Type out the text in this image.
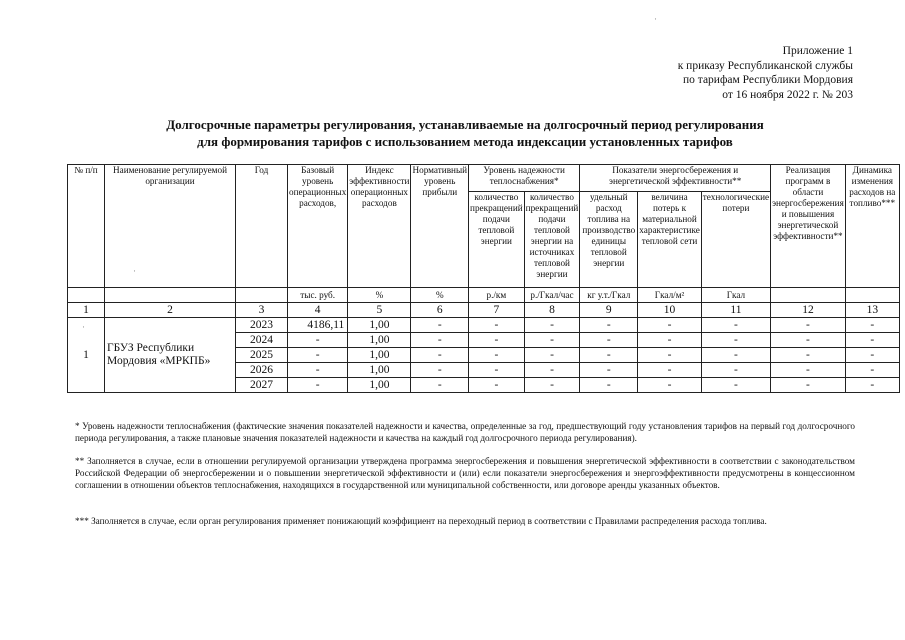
Приложение 1
к приказу Республиканской службы
по тарифам Республики Мордовия
от 16 ноября 2022 г. № 203
Долгосрочные параметры регулирования, устанавливаемые на долгосрочный период регулирования
для формирования тарифов с использованием метода индексации установленных тарифов
№ п/п	Наименование регулируемой организации	Год	Базовый уровень операционных расходов,	Индекс эффективности операционных расходов	Нормативный уровень прибыли	Уровень надежности теплоснабжения*		Показатели энергосбережения и энергетической эффективности**			Реализация программ в области энергосбережения и повышения энергетической эффективности**	Динамика изменения расходов на топливо***
						количество прекращений подачи тепловой энергии	количество прекращений подачи тепловой энергии на источниках тепловой энергии	удельный расход топлива на производство единицы тепловой энергии	величина потерь к материальной характеристике тепловой сети	технологические потери		
			тыс. руб.	%	%	р./км	р./Гкал/час	кг у.т./Гкал	Гкал/м²	Гкал		
1	2	3	4	5	6	7	8	9	10	11	12	13
1	ГБУЗ Республики Мордовия «МРКПБ»	2023	4186,11	1,00	-	-	-	-	-	-	-	-
		2024	-	1,00	-	-	-	-	-	-	-	-
		2025	-	1,00	-	-	-	-	-	-	-	-
		2026	-	1,00	-	-	-	-	-	-	-	-
		2027	-	1,00	-	-	-	-	-	-	-	-
* Уровень надежности теплоснабжения (фактические значения показателей надежности и качества, определенные за год, предшествующий году установления тарифов на первый год долгосрочного периода регулирования, а также плановые значения показателей надежности и качества на каждый год долгосрочного периода регулирования).
** Заполняется в случае, если в отношении регулируемой организации утверждена программа энергосбережения и повышения энергетической эффективности в соответствии с законодательством Российской Федерации об энергосбережении и о повышении энергетической эффективности и (или) если показатели энергосбережения и энергоэффективности предусмотрены в концессионном соглашении в отношении объектов теплоснабжения, находящихся в государственной или муниципальной собственности, или договоре аренды указанных объектов.
*** Заполняется в случае, если орган регулирования применяет понижающий коэффициент на переходный период в соответствии с Правилами распределения расхода топлива.
·
·
·
